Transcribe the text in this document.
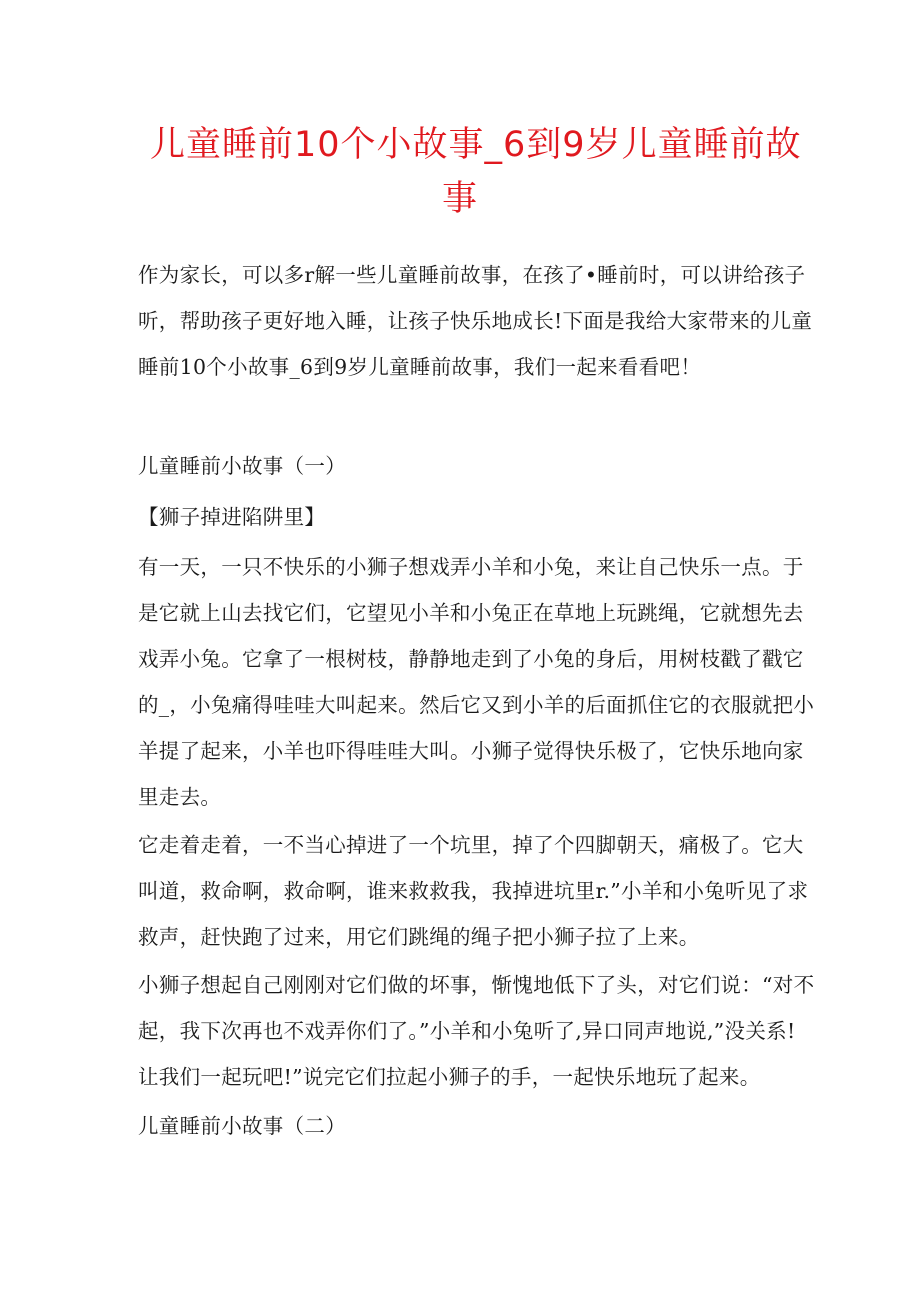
儿童睡前10个小故事_6到9岁儿童睡前故
事
作为家长，可以多r解一些儿童睡前故事，在孩了•睡前时，可以讲给孩子
听，帮助孩子更好地入睡，让孩子快乐地成长!下面是我给大家带来的儿童
睡前10个小故事_6到9岁儿童睡前故事，我们一起来看看吧！
儿童睡前小故事（一）
【狮子掉进陷阱里】
有一天，一只不快乐的小狮子想戏弄小羊和小兔，来让自己快乐一点。于
是它就上山去找它们，它望见小羊和小兔正在草地上玩跳绳，它就想先去
戏弄小兔。它拿了一根树枝，静静地走到了小兔的身后，用树枝戳了戳它
的_，小兔痛得哇哇大叫起来。然后它又到小羊的后面抓住它的衣服就把小
羊提了起来，小羊也吓得哇哇大叫。小狮子觉得快乐极了，它快乐地向家
里走去。
它走着走着，一不当心掉进了一个坑里，掉了个四脚朝天，痛极了。它大
叫道，救命啊，救命啊，谁来救救我，我掉进坑里r.”小羊和小兔听见了求
救声，赶快跑了过来，用它们跳绳的绳子把小狮子拉了上来。
小狮子想起自己刚刚对它们做的坏事，惭愧地低下了头，对它们说：“对不
起，我下次再也不戏弄你们了。”小羊和小兔听了,异口同声地说,”没关系!
让我们一起玩吧!”说完它们拉起小狮子的手，一起快乐地玩了起来。
儿童睡前小故事（二）
